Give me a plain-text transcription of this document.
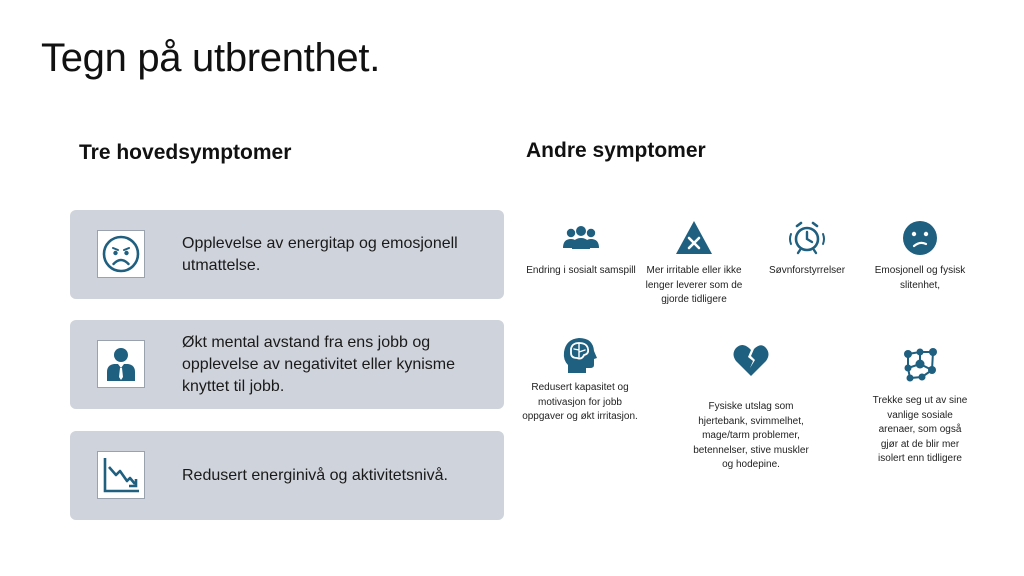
Tegn på utbrenthet.
Tre hovedsymptomer	Andre symptomer
Opplevelse av energitap og emosjonell utmattelse.
Økt mental avstand fra ens jobb og opplevelse av negativitet eller kynisme knyttet til jobb.
Redusert energinivå og aktivitetsnivå.
Endring i sosialt samspill	Mer irritable eller ikke lenger leverer som de gjorde tidligere
Søvnforstyrrelser	Emosjonell og fysisk slitenhet,
Redusert kapasitet og motivasjon for jobb oppgaver og økt irritasjon.
Fysiske utslag som hjertebank, svimmelhet, mage/tarm problemer, betennelser, stive muskler og hodepine.
Trekke seg ut av sine vanlige sosiale arenaer, som også gjør at de blir mer isolert enn tidligere
